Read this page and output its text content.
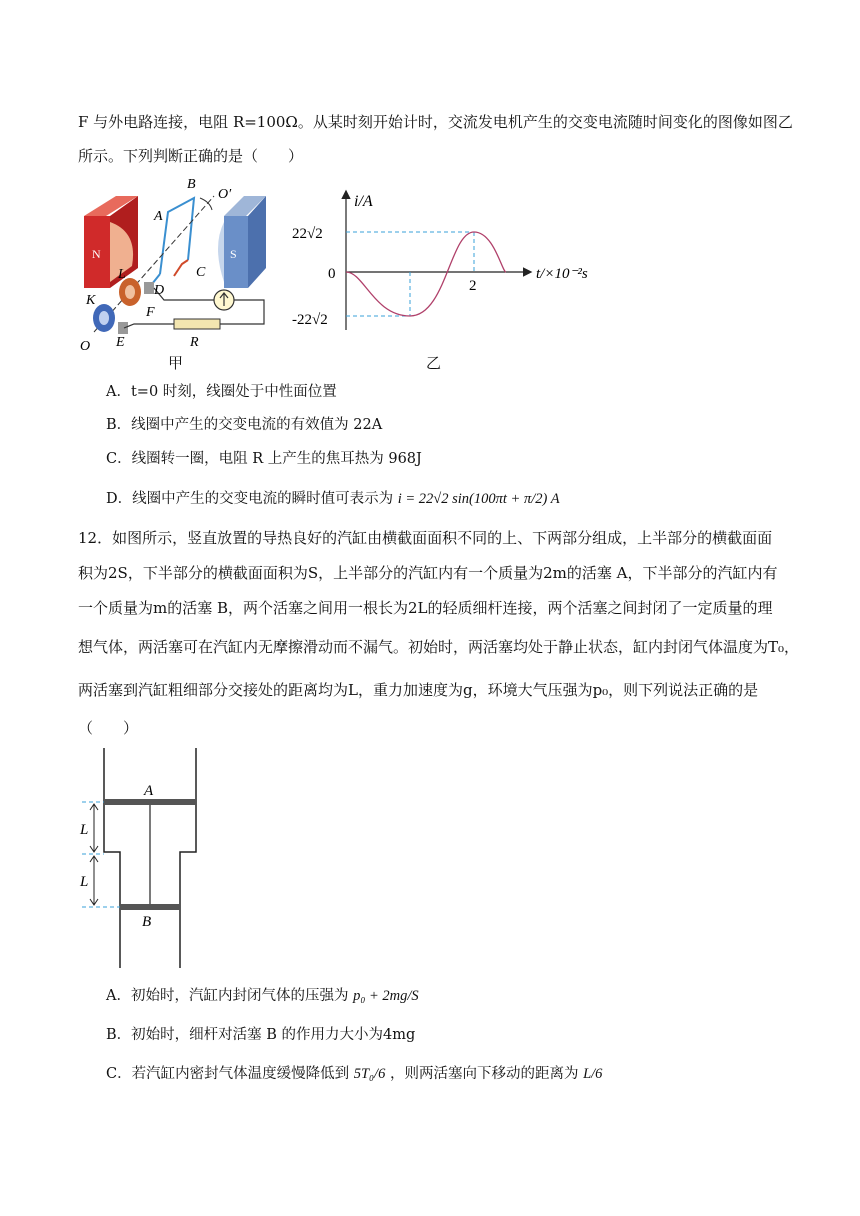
F 与外电路连接，电阻 R=100Ω。从某时刻开始计时，交流发电机产生的交变电流随时间变化的图像如图乙
所示。下列判断正确的是（　　）
N	S
B
O′
A
C
L
D
F
K
E
O	R
甲
i/A
22√2
0
-22√2
2
t/×10⁻²s
乙
A．t=0 时刻，线圈处于中性面位置
B．线圈中产生的交变电流的有效值为 22A
C．线圈转一圈，电阻 R 上产生的焦耳热为 968J
D．线圈中产生的交变电流的瞬时值可表示为 i = 22√2 sin(100πt + π/2) A
12．如图所示，竖直放置的导热良好的汽缸由横截面面积不同的上、下两部分组成，上半部分的横截面面
积为2S，下半部分的横截面面积为S，上半部分的汽缸内有一个质量为2m的活塞 A，下半部分的汽缸内有
一个质量为m的活塞 B，两个活塞之间用一根长为2L的轻质细杆连接，两个活塞之间封闭了一定质量的理
想气体，两活塞可在汽缸内无摩擦滑动而不漏气。初始时，两活塞均处于静止状态，缸内封闭气体温度为T₀，
两活塞到汽缸粗细部分交接处的距离均为L，重力加速度为g，环境大气压强为p₀，则下列说法正确的是
（　　）
A
B
L
L
A．初始时，汽缸内封闭气体的压强为 p₀ + 2mg/S
B．初始时，细杆对活塞 B 的作用力大小为4mg
C．若汽缸内密封气体温度缓慢降低到 5T₀/6 ，则两活塞向下移动的距离为 L/6
